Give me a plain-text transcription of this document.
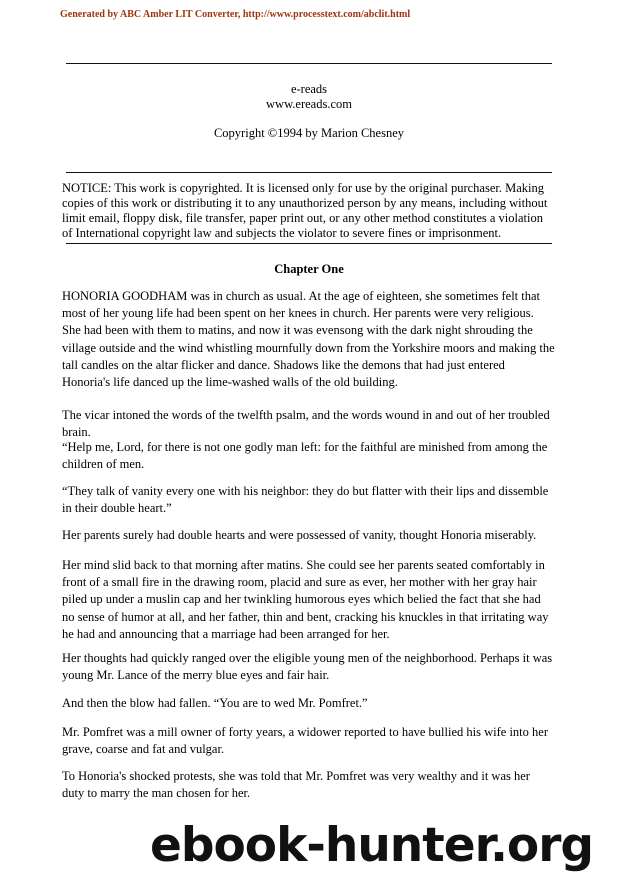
Generated by ABC Amber LIT Converter, http://www.processtext.com/abclit.html
e-reads
www.ereads.com
Copyright ©1994 by Marion Chesney

NOTICE: This work is copyrighted. It is licensed only for use by the original purchaser. Making copies of this work or distributing it to any unauthorized person by any means, including without limit email, floppy disk, file transfer, paper print out, or any other method constitutes a violation of International copyright law and subjects the violator to severe fines or imprisonment.

Chapter One

HONORIA GOODHAM was in church as usual. At the age of eighteen, she sometimes felt that most of her young life had been spent on her knees in church. Her parents were very religious. She had been with them to matins, and now it was evensong with the dark night shrouding the village outside and the wind whistling mournfully down from the Yorkshire moors and making the tall candles on the altar flicker and dance. Shadows like the demons that had just entered Honoria's life danced up the lime-washed walls of the old building.

The vicar intoned the words of the twelfth psalm, and the words wound in and out of her troubled brain.

“Help me, Lord, for there is not one godly man left: for the faithful are minished from among the children of men.

“They talk of vanity every one with his neighbor: they do but flatter with their lips and dissemble in their double heart.”

Her parents surely had double hearts and were possessed of vanity, thought Honoria miserably.

Her mind slid back to that morning after matins. She could see her parents seated comfortably in front of a small fire in the drawing room, placid and sure as ever, her mother with her gray hair piled up under a muslin cap and her twinkling humorous eyes which belied the fact that she had no sense of humor at all, and her father, thin and bent, cracking his knuckles in that irritating way he had and announcing that a marriage had been arranged for her.

Her thoughts had quickly ranged over the eligible young men of the neighborhood. Perhaps it was young Mr. Lance of the merry blue eyes and fair hair.

And then the blow had fallen. “You are to wed Mr. Pomfret.”

Mr. Pomfret was a mill owner of forty years, a widower reported to have bullied his wife into her grave, coarse and fat and vulgar.

To Honoria's shocked protests, she was told that Mr. Pomfret was very wealthy and it was her duty to marry the man chosen for her.

ebook-hunter.org
